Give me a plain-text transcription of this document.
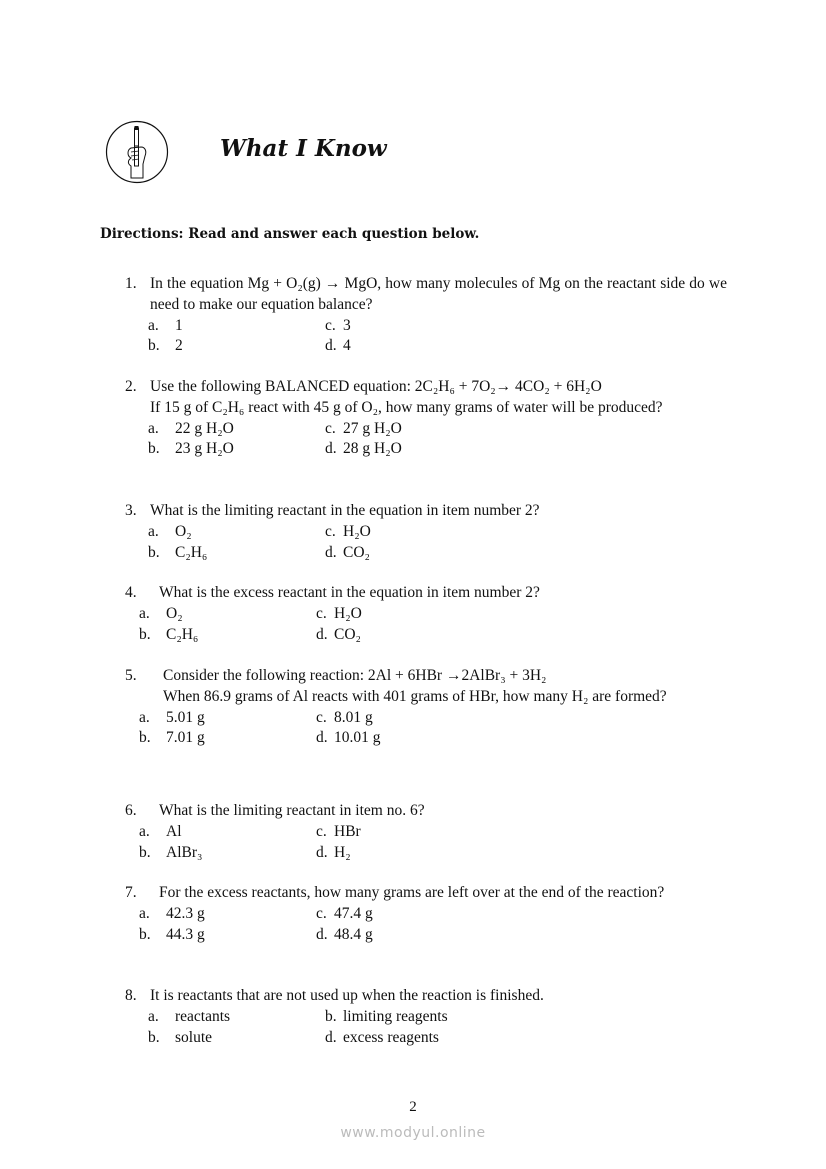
What I Know
Directions: Read and answer each question below.
1. In the equation Mg + O₂(g) → MgO, how many molecules of Mg on the reactant side do we need to make our equation balance?
a. 1	c. 3
b. 2	d. 4
2. Use the following BALANCED equation: 2C₂H₆ + 7O₂→ 4CO₂ + 6H₂O
If 15 g of C₂H₆ react with 45 g of O₂, how many grams of water will be produced?
a. 22 g H₂O	c. 27 g H₂O
b. 23 g H₂O	d. 28 g H₂O
3. What is the limiting reactant in the equation in item number 2?
a. O₂	c. H₂O
b. C₂H₆	d. CO₂
4. What is the excess reactant in the equation in item number 2?
a. O₂	c. H₂O
b. C₂H₆	d. CO₂
5. Consider the following reaction: 2Al + 6HBr →2AlBr₃ + 3H₂
When 86.9 grams of Al reacts with 401 grams of HBr, how many H₂ are formed?
a. 5.01 g	c. 8.01 g
b. 7.01 g	d. 10.01 g
6. What is the limiting reactant in item no. 6?
a. Al	c. HBr
b. AlBr₃	d. H₂
7. For the excess reactants, how many grams are left over at the end of the reaction?
a. 42.3 g	c. 47.4 g
b. 44.3 g	d. 48.4 g
8. It is reactants that are not used up when the reaction is finished.
a. reactants	b. limiting reagents
b. solute	d. excess reagents
2
www.modyul.online
